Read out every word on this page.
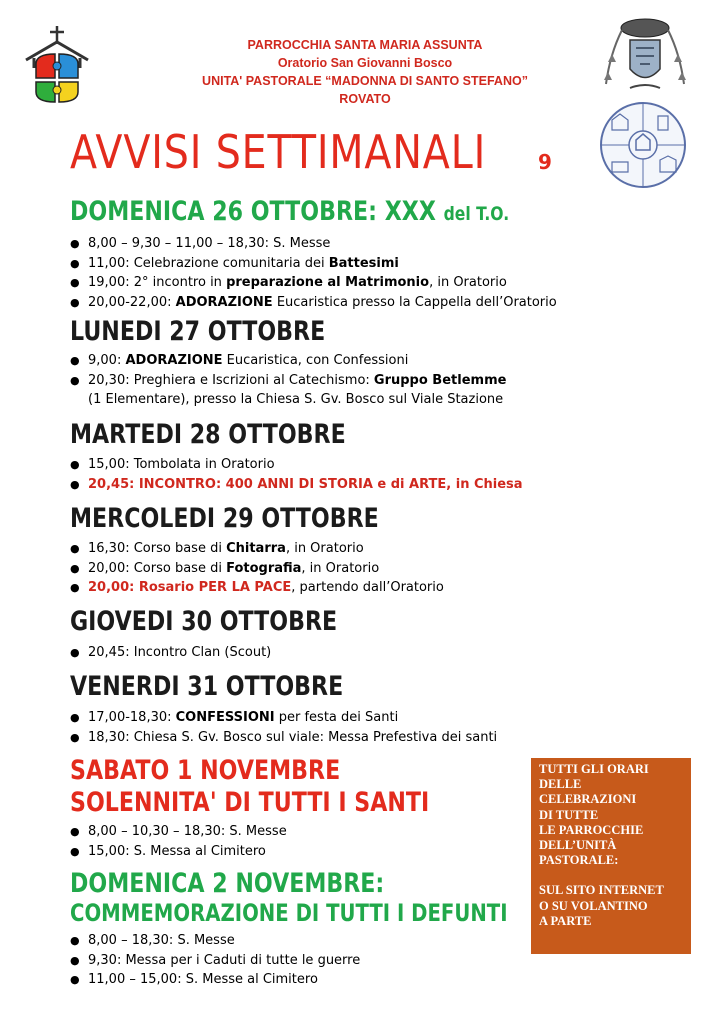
PARROCCHIA SANTA MARIA ASSUNTA
Oratorio San Giovanni Bosco
UNITA' PASTORALE “MADONNA DI SANTO STEFANO”
ROVATO
AVVISI SETTIMANALI	9
DOMENICA 26 OTTOBRE: XXX del T.O.
● 8,00 – 9,30 – 11,00 – 18,30: S. Messe
● 11,00: Celebrazione comunitaria dei Battesimi
● 19,00: 2° incontro in preparazione al Matrimonio, in Oratorio
● 20,00-22,00: ADORAZIONE Eucaristica presso la Cappella dell’Oratorio
LUNEDI 27 OTTOBRE
● 9,00: ADORAZIONE Eucaristica, con Confessioni
● 20,30: Preghiera e Iscrizioni al Catechismo: Gruppo Betlemme
(1 Elementare), presso la Chiesa S. Gv. Bosco sul Viale Stazione
MARTEDI 28 OTTOBRE
● 15,00: Tombolata in Oratorio
● 20,45: INCONTRO: 400 ANNI DI STORIA e di ARTE, in Chiesa
MERCOLEDI 29 OTTOBRE
● 16,30: Corso base di Chitarra, in Oratorio
● 20,00: Corso base di Fotografia, in Oratorio
● 20,00: Rosario PER LA PACE, partendo dall’Oratorio
GIOVEDI 30 OTTOBRE
● 20,45: Incontro Clan (Scout)
VENERDI 31 OTTOBRE
● 17,00-18,30: CONFESSIONI per festa dei Santi
● 18,30: Chiesa S. Gv. Bosco sul viale: Messa Prefestiva dei santi
SABATO 1 NOVEMBRE
SOLENNITA' DI TUTTI I SANTI
● 8,00 – 10,30 – 18,30: S. Messe
● 15,00: S. Messa al Cimitero
DOMENICA 2 NOVEMBRE:
COMMEMORAZIONE DI TUTTI I DEFUNTI
● 8,00 – 18,30: S. Messe
● 9,30: Messa per i Caduti di tutte le guerre
● 11,00 – 15,00: S. Messe al Cimitero
TUTTI GLI ORARI
DELLE
CELEBRAZIONI
DI TUTTE
LE PARROCCHIE
DELL’UNITÀ
PASTORALE:
SUL SITO INTERNET
O SU VOLANTINO
A PARTE
